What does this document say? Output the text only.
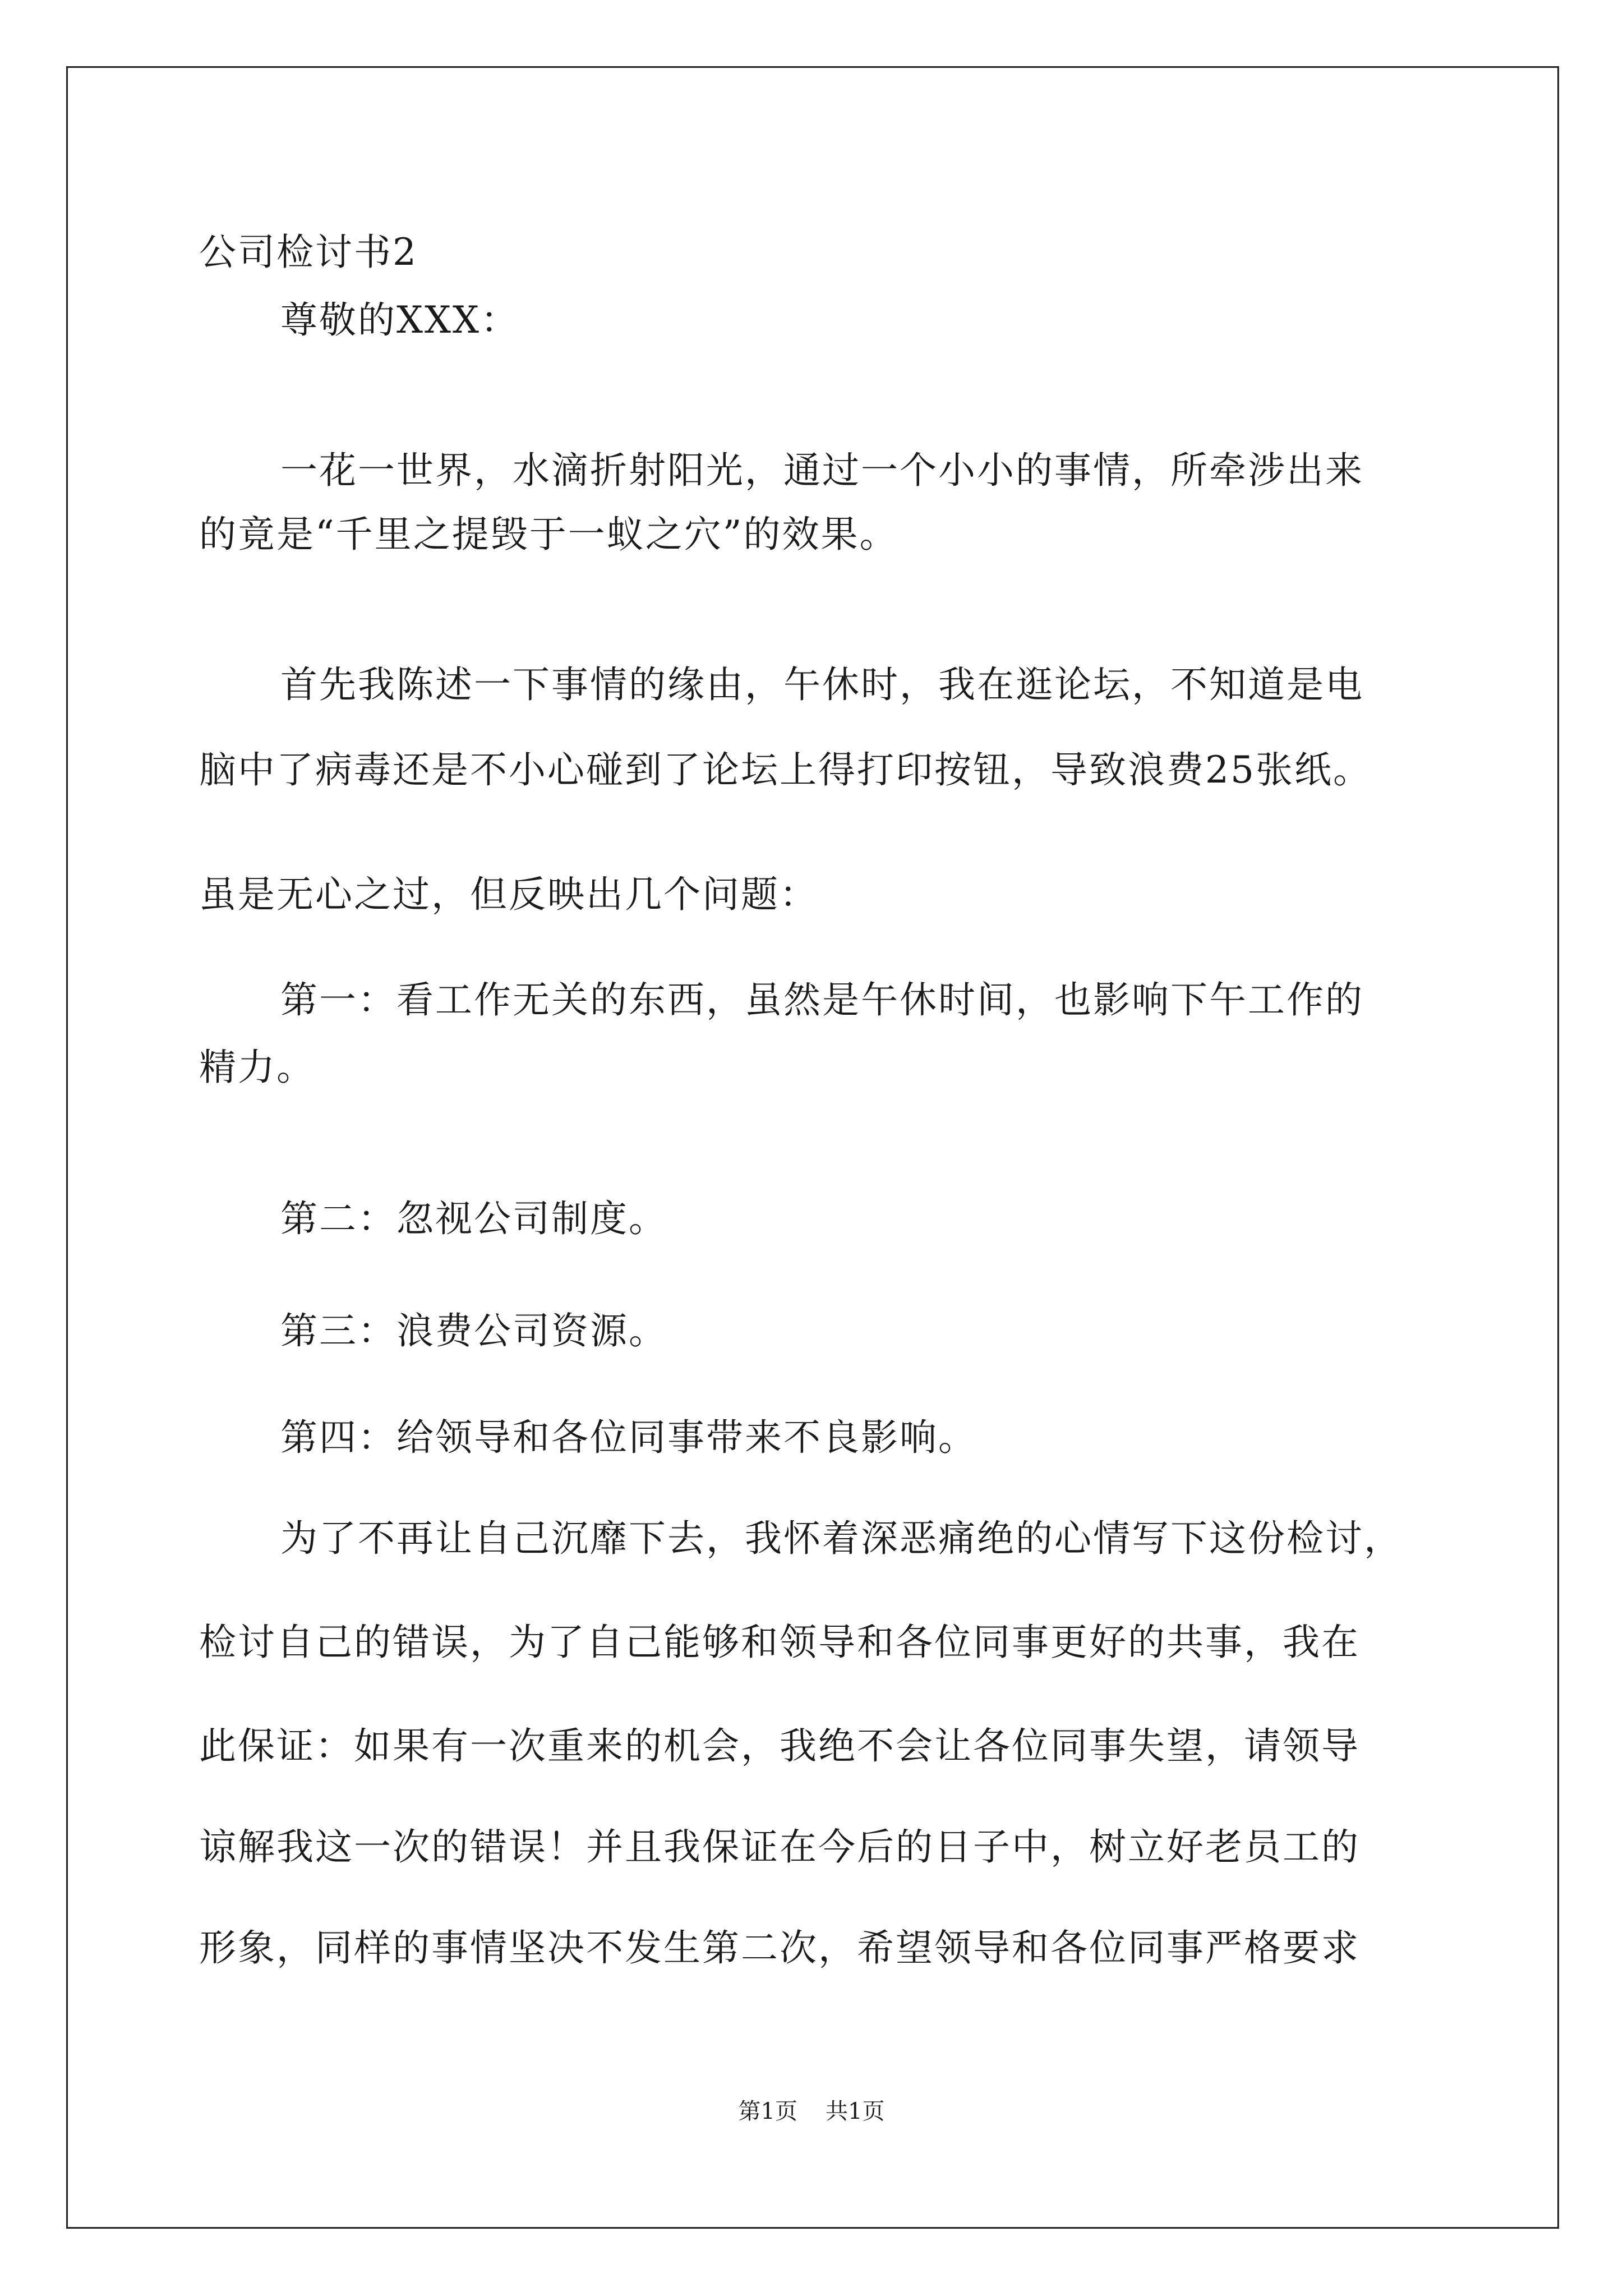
公司检讨书2
尊敬的XXX：
一花一世界，水滴折射阳光，通过一个小小的事情，所牵涉出来
的竟是“千里之提毁于一蚁之穴”的效果。
首先我陈述一下事情的缘由，午休时，我在逛论坛，不知道是电
脑中了病毒还是不小心碰到了论坛上得打印按钮，导致浪费25张纸。
虽是无心之过，但反映出几个问题：
第一：看工作无关的东西，虽然是午休时间，也影响下午工作的
精力。
第二：忽视公司制度。
第三：浪费公司资源。
第四：给领导和各位同事带来不良影响。
为了不再让自己沉靡下去，我怀着深恶痛绝的心情写下这份检讨，
检讨自己的错误，为了自己能够和领导和各位同事更好的共事，我在
此保证：如果有一次重来的机会，我绝不会让各位同事失望，请领导
谅解我这一次的错误！并且我保证在今后的日子中，树立好老员工的
形象，同样的事情坚决不发生第二次，希望领导和各位同事严格要求
第1页 共1页
